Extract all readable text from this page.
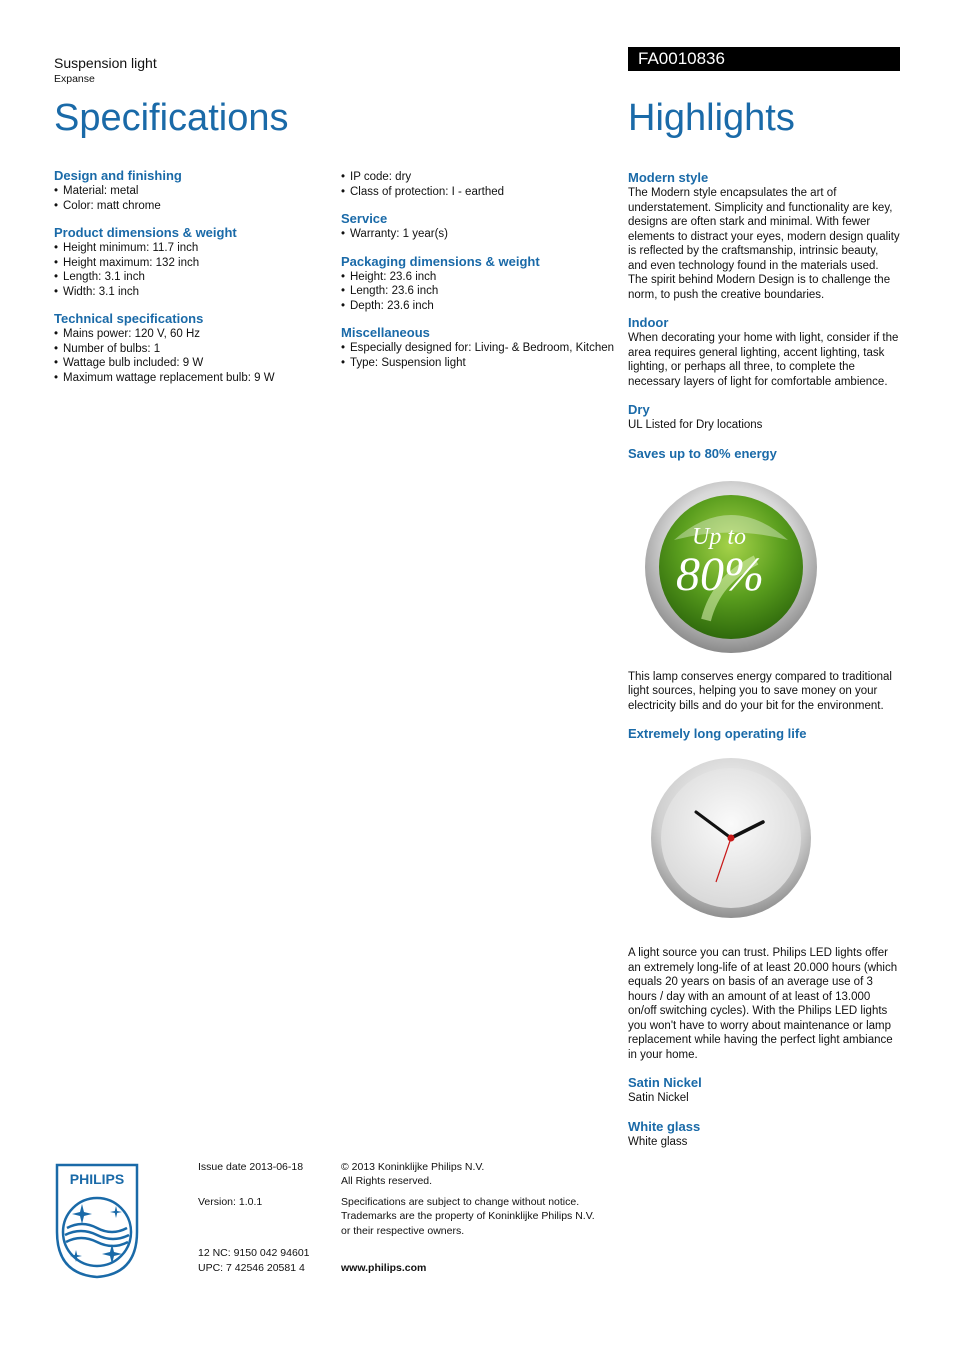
Suspension light
Expanse
FA0010836
Specifications	Highlights
Design and finishing
• Material: metal
• Color: matt chrome
Product dimensions & weight
• Height minimum: 11.7 inch
• Height maximum: 132 inch
• Length: 3.1 inch
• Width: 3.1 inch
Technical specifications
• Mains power: 120 V, 60 Hz
• Number of bulbs: 1
• Wattage bulb included: 9 W
• Maximum wattage replacement bulb: 9 W
• IP code: dry
• Class of protection: I - earthed
Service
• Warranty: 1 year(s)
Packaging dimensions & weight
• Height: 23.6 inch
• Length: 23.6 inch
• Depth: 23.6 inch
Miscellaneous
• Especially designed for: Living- & Bedroom, Kitchen
• Type: Suspension light
Modern style

The Modern style encapsulates the art of understatement. Simplicity and functionality are key, designs are often stark and minimal. With fewer elements to distract your eyes, modern design quality is reflected by the craftsmanship, intrinsic beauty, and even technology found in the materials used. The spirit behind Modern Design is to challenge the norm, to push the creative boundaries.

Indoor

When decorating your home with light, consider if the area requires general lighting, accent lighting, task lighting, or perhaps all three, to complete the necessary layers of light for comfortable ambience.

Dry

UL Listed for Dry locations

Saves up to 80% energy
Up to
80%

This lamp conserves energy compared to traditional light sources, helping you to save money on your electricity bills and do your bit for the environment.

Extremely long operating life

A light source you can trust. Philips LED lights offer an extremely long-life of at least 20.000 hours (which equals 20 years on basis of an average use of 3 hours / day with an amount of at least of 13.000 on/off switching cycles). With the Philips LED lights you won't have to worry about maintenance or lamp replacement while having the perfect light ambiance in your home.

Satin Nickel

Satin Nickel

White glass

White glass

PHILIPS
Issue date 2013-06-18
Version: 1.0.1
12 NC: 9150 042 94601
UPC: 7 42546 20581 4
© 2013 Koninklijke Philips N.V.
All Rights reserved.
Specifications are subject to change without notice.
Trademarks are the property of Koninklijke Philips N.V.
or their respective owners.
www.philips.com
